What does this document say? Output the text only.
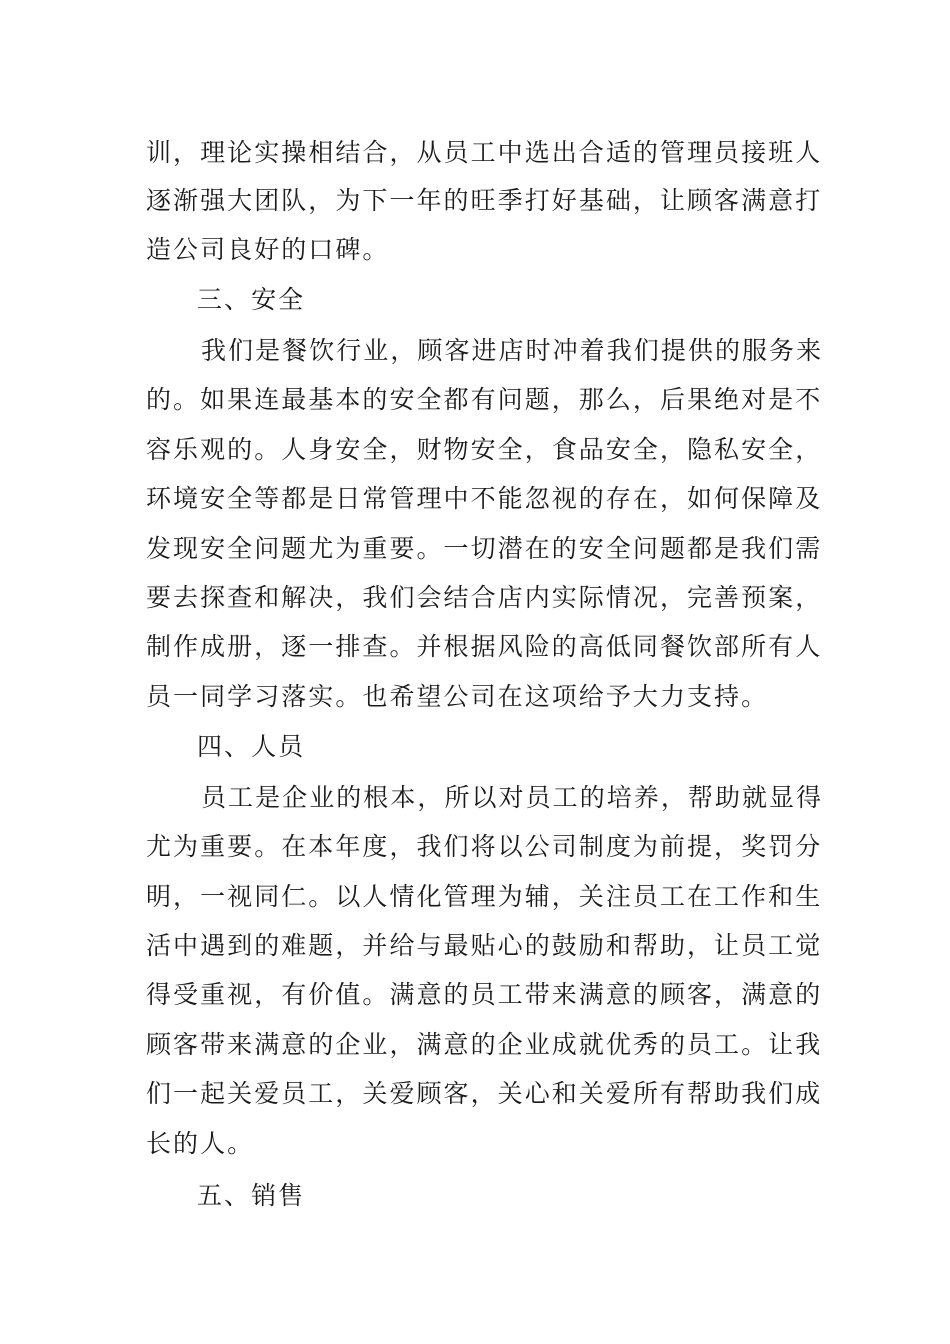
训，理论实操相结合，从员工中选出合适的管理员接班人
逐渐强大团队，为下一年的旺季打好基础，让顾客满意打
造公司良好的口碑。
三、安全
我们是餐饮行业，顾客进店时冲着我们提供的服务来
的。如果连最基本的安全都有问题，那么，后果绝对是不
容乐观的。人身安全，财物安全，食品安全，隐私安全，
环境安全等都是日常管理中不能忽视的存在，如何保障及
发现安全问题尤为重要。一切潜在的安全问题都是我们需
要去探查和解决，我们会结合店内实际情况，完善预案，
制作成册，逐一排查。并根据风险的高低同餐饮部所有人
员一同学习落实。也希望公司在这项给予大力支持。
四、人员
员工是企业的根本，所以对员工的培养，帮助就显得
尤为重要。在本年度，我们将以公司制度为前提，奖罚分
明，一视同仁。以人情化管理为辅，关注员工在工作和生
活中遇到的难题，并给与最贴心的鼓励和帮助，让员工觉
得受重视，有价值。满意的员工带来满意的顾客，满意的
顾客带来满意的企业，满意的企业成就优秀的员工。让我
们一起关爱员工，关爱顾客，关心和关爱所有帮助我们成
长的人。
五、销售
